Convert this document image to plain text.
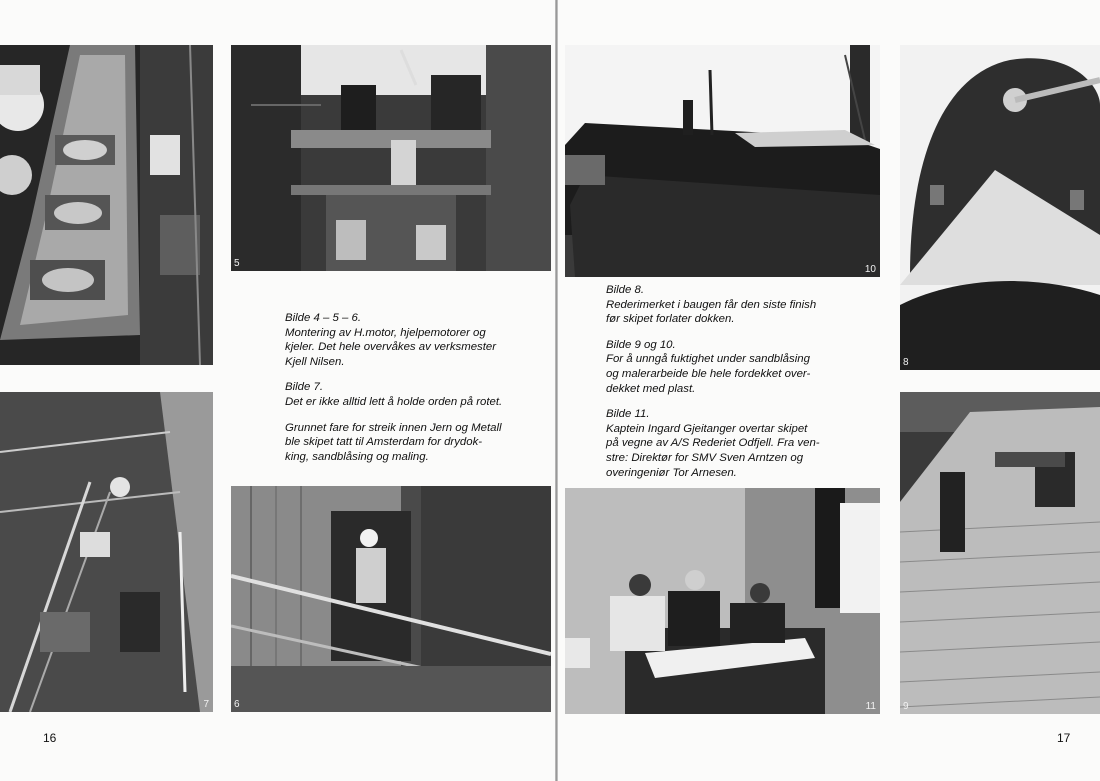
5
7	6

Bilde 4 – 5 – 6.
Montering av H.motor, hjelpemotorer og
kjeler. Det hele overvåkes av verksmester
Kjell Nilsen.

Bilde 7.
Det er ikke alltid lett å holde orden på rotet.

Grunnet fare for streik innen Jern og Metall
ble skipet tatt til Amsterdam for drydok-
king, sandblåsing og maling.

16
10
8
11	9

Bilde 8.
Rederimerket i baugen får den siste finish
før skipet forlater dokken.

Bilde 9 og 10.
For å unngå fuktighet under sandblåsing
og malerarbeide ble hele fordekket over-
dekket med plast.

Bilde 11.
Kaptein Ingard Gjeitanger overtar skipet
på vegne av A/S Rederiet Odfjell. Fra ven-
stre: Direktør for SMV Sven Arntzen og
overingeniør Tor Arnesen.

17
